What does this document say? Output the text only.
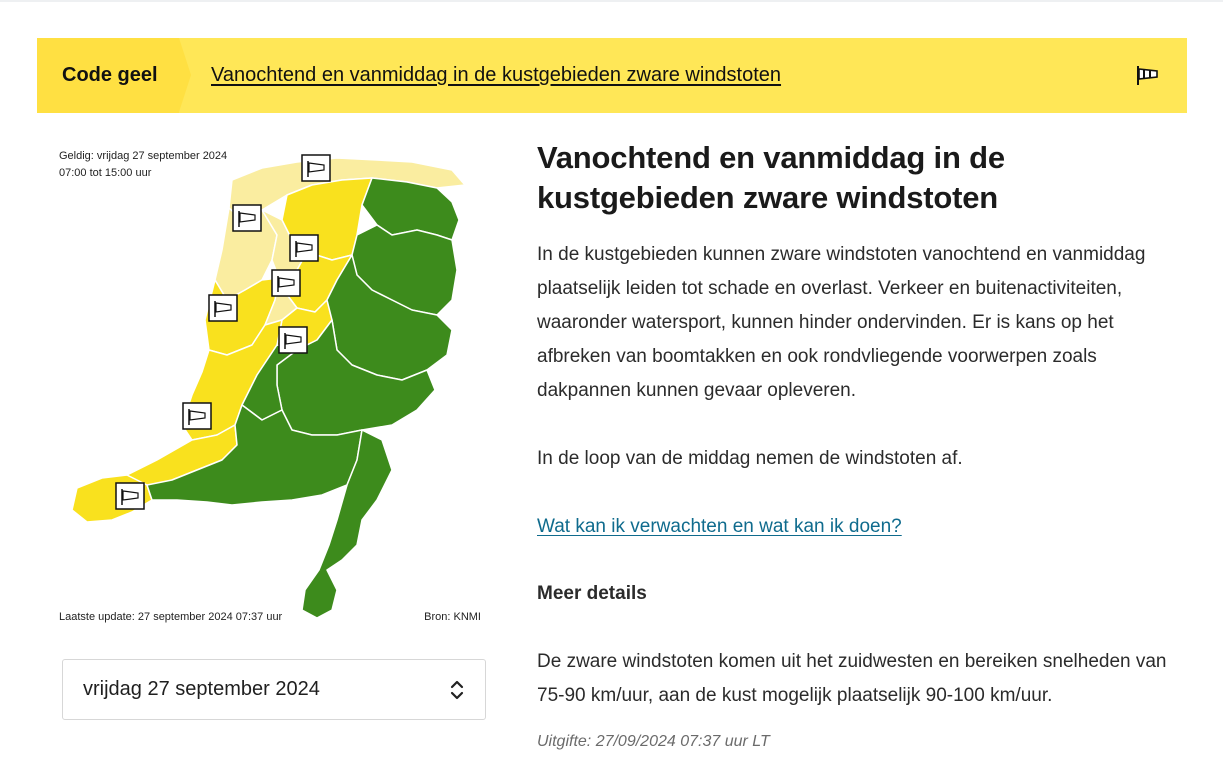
Code geel	Vanochtend en vanmiddag in de kustgebieden zware windstoten
Geldig: vrijdag 27 september 2024
07:00 tot 15:00 uur
Laatste update: 27 september 2024 07:37 uur	Bron: KNMI
vrijdag 27 september 2024
Vanochtend en vanmiddag in de kustgebieden zware windstoten

In de kustgebieden kunnen zware windstoten vanochtend en vanmiddag plaatselijk leiden tot schade en overlast. Verkeer en buitenactiviteiten, waaronder watersport, kunnen hinder ondervinden. Er is kans op het afbreken van boomtakken en ook rondvliegende voorwerpen zoals dakpannen kunnen gevaar opleveren.

In de loop van de middag nemen de windstoten af.

Wat kan ik verwachten en wat kan ik doen?
Meer details

De zware windstoten komen uit het zuidwesten en bereiken snelheden van 75-90 km/uur, aan de kust mogelijk plaatselijk 90-100 km/uur.

Uitgifte: 27/09/2024 07:37 uur LT
